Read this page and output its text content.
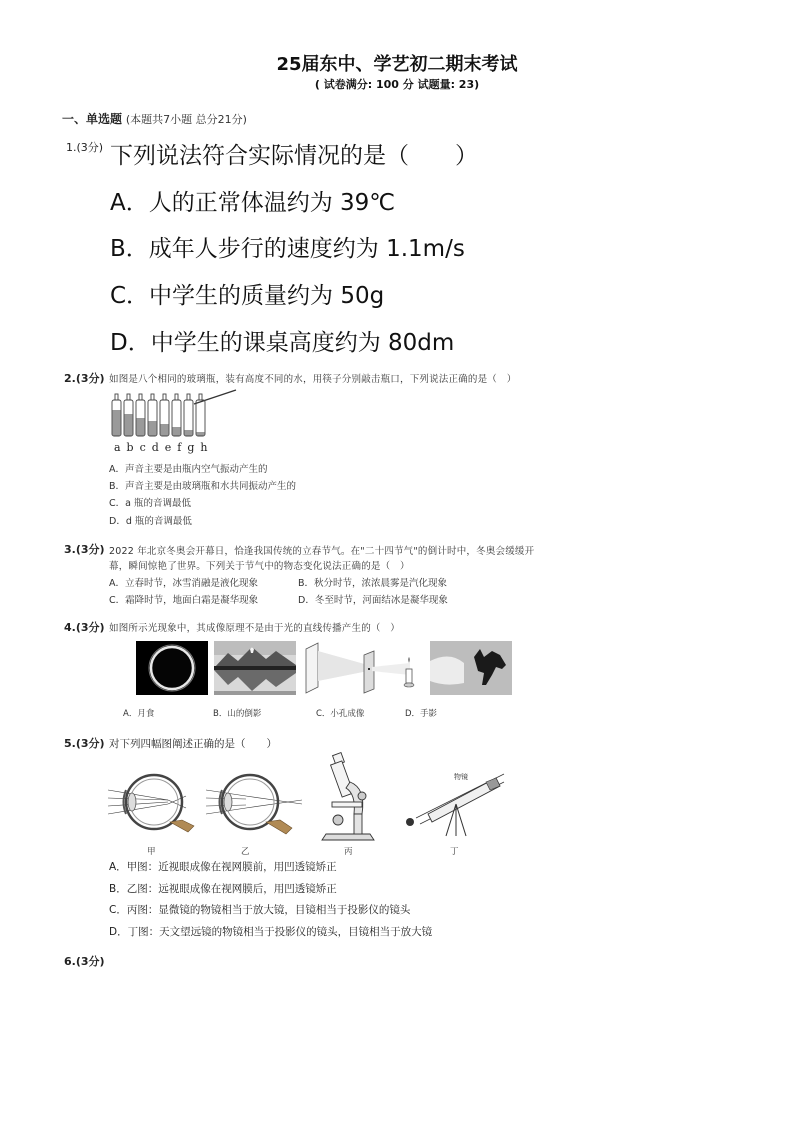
25届东中、学艺初二期末考试
( 试卷满分: 100 分 试题量: 23)
一、单选题 (本题共7小题 总分21分)
1.(3分) 下列说法符合实际情况的是（　　）
A．人的正常体温约为 39℃
B．成年人步行的速度约为 1.1m/s
C．中学生的质量约为 50g
D．中学生的课桌高度约为 80dm
2.(3分) 如图是八个相同的玻璃瓶，装有高度不同的水，用筷子分别敲击瓶口，下列说法正确的是（　）
abcdefgh
A．声音主要是由瓶内空气振动产生的
B．声音主要是由玻璃瓶和水共同振动产生的
C．a 瓶的音调最低
D．d 瓶的音调最低
3.(3分) 2022 年北京冬奥会开幕日，恰逢我国传统的立春节气。在"二十四节气"的倒计时中，冬奥会缓缓开
幕，瞬间惊艳了世界。下列关于节气中的物态变化说法正确的是（　）
A．立春时节，冰雪消融是液化现象	B．秋分时节，浓浓晨雾是汽化现象
C．霜降时节，地面白霜是凝华现象	D．冬至时节，河面结冰是凝华现象
4.(3分) 如图所示光现象中，其成像原理不是由于光的直线传播产生的（　）
A．月食	B．山的倒影	C．小孔成像	D．手影
5.(3分) 对下列四幅图阐述正确的是（　　）
物镜
甲	乙	丙	丁
A．甲图：近视眼成像在视网膜前，用凹透镜矫正
B．乙图：远视眼成像在视网膜后，用凹透镜矫正
C．丙图：显微镜的物镜相当于放大镜，目镜相当于投影仪的镜头
D．丁图：天文望远镜的物镜相当于投影仪的镜头，目镜相当于放大镜
6.(3分)
